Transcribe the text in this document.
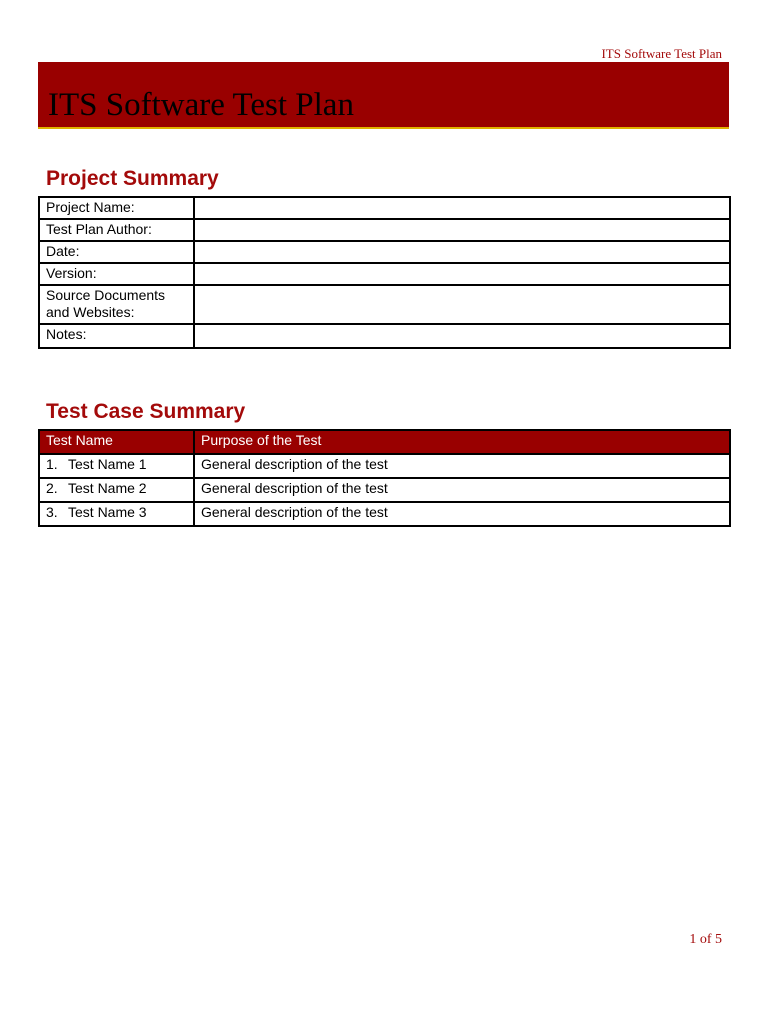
ITS Software Test Plan
ITS Software Test Plan
Project Summary
Project Name:	
Test Plan Author:	
Date:	
Version:	
Source Documents and Websites:	
Notes:	
Test Case Summary
Test Name	Purpose of the Test
1. Test Name 1	General description of the test
2. Test Name 2	General description of the test
3. Test Name 3	General description of the test
1 of 5
